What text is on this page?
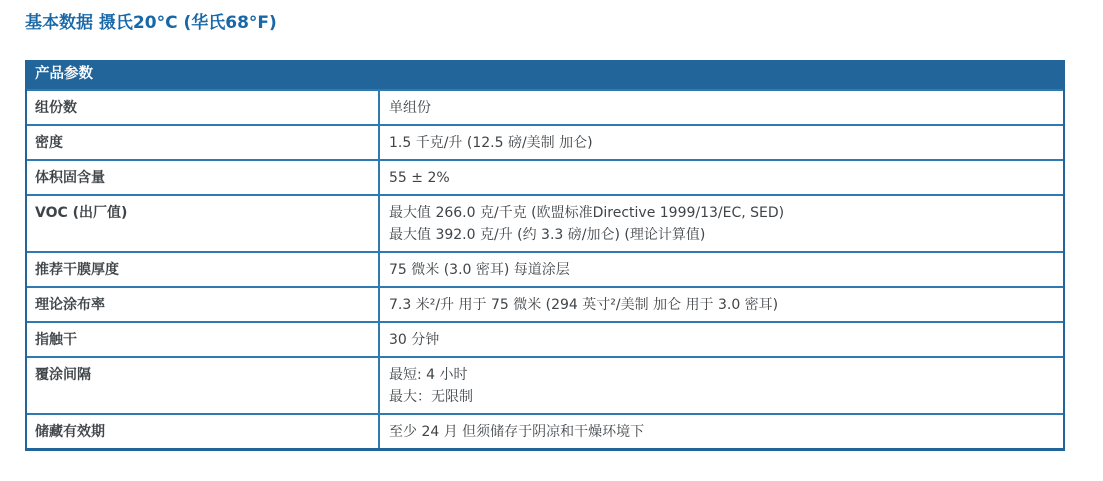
基本数据 摄氏20°C (华氏68°F)
产品参数
组份数	单组份
密度	1.5 千克/升 (12.5 磅/美制 加仑)
体积固含量	55 ± 2%
VOC (出厂值)	最大值 266.0 克/千克 (欧盟标准Directive 1999/13/EC, SED)
最大值 392.0 克/升 (约 3.3 磅/加仑) (理论计算值)
推荐干膜厚度	75 微米 (3.0 密耳) 每道涂层
理论涂布率	7.3 米²/升 用于 75 微米 (294 英寸²/美制 加仑 用于 3.0 密耳)
指触干	30 分钟
覆涂间隔	最短: 4 小时
最大：无限制
储藏有效期	至少 24 月 但须储存于阴凉和干燥环境下
